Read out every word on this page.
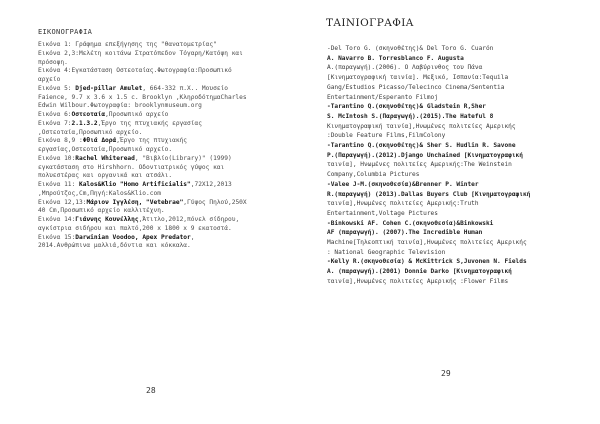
ΕΙΚΟΝΟΓΡΑΦΙΑ
Εικόνα 1: Γράφημα επεξήγησης της "θανατομετρίας"
Εικόνα 2,3:Μελέτη κοιτάνω Στρατόπεδον Τόγαρη/Κατόψη και
πρόσοψη.
Εικόνα 4:Εγκατάσταση Οστεοταίας.Φωτογραφία:Προσωπικό
αρχείο
Εικόνα 5: Djed-pillar Amulet, 664-332 π.Χ.. Μουσείο
Faience, 9.7 x 3.6 x 1.5 c. Brooklyn ,ΚληροδότημαCharles
Edwin Wilbour.Φωτογραφία: brooklynmuseum.org
Εικόνα 6:Οστεοταία,Προσωπικό αρχείο
Εικόνα 7:2.1.3.2,Έργο της πτυχιακής εργασίας
,Οστεοταία,Προσωπικό αρχείο.
Εικόνα 8,9 :Φθιά Δορά,Έργο της πτυχιακής
εργασίας,Οστεοταία,Προσωπικό αρχείο.
Εικόνα 10:Rachel Whiteread, "Βιβλίο(Library)" (1999)
εγκατάσταση στο Hirshhorn. Οδοντιατρικός γύψος και
πολυεστέρας και οργανικά και ατσάλι.
Εικόνα 11: Kalos&Klio "Homo Artificialis",72Χ12,2013
,Μπρούτζος,Cm,Πηγή:Kalos&Klio.com
Εικόνα 12,13:Μάριον Ιγγλέση, "Vetebrae",Γύψος Πηλού,250Χ
40 Cm,Προσωπικό αρχείο καλλιτέχνη.
Εικόνα 14:Γιάννης Κουνέλλης,Άτιτλο,2012,πόνελ σίδηρου,
αγκίστρια σιδήρου και παλτό,200 x 1800 x 9 εκατοστά.
Εικόνα 15:Darwinian Voodoo, Apex Predator,
2014.Ανθρώπινα μαλλιά,δόντια και κόκκαλα.
28
ΤΑΙΝΙΟΓΡΑΦΙΑ
-Del Toro G. (σκηνοθέτης)& Del Toro G. Cuarón
A. Navarro B. Torresblanco F. Augusta
A.(παραγωγή).(2006). Ο Λαβύρινθος του Πάνα
[Κινηματογραφική ταινία]. Μεξικό, Ισπανία:Tequila
Gang/Estudios Picasso/Telecinco Cinema/Sententia
Entertainment/Esperanto Filmoj
-Tarantino Q.(σκηνοθέτης)& Gladstein R,Sher
S. McIntosh S.(Παραγωγή).(2015).The Hateful 8
Κινηματογραφική ταινία],Ηνωμένες πολιτείες Αμερικής
:Double Feature Films,FilmColony
-Tarantino Q.(σκηνοθέτης)& Sher S. Hudlin R. Savone
P.(Παραγωγή).(2012).Django Unchained [Κινηματογραφική
ταινία], Ηνωμένες πολιτείες Αμερικής:The Weinstein
Company,Columbia Pictures
-Valee J-M.(σκηνοθεσία)&Brenner P. Winter
R.(παραγωγή) (2013).Dallas Buyers Club [Κινηματογραφική
ταινία],Ηνωμένες πολιτείες Αμερικής:Truth
Entertainment,Voltage Pictures
-Binkowski AF. Cohen C.(σκηνοθεσία)&Binkowski
AF (παραγωγή). (2007).The Incredible Human
Machine[Τηλεοπτική ταινία],Ηνωμένες πολιτείες Αμερικής
: National Geographic Television
-Kelly R.(σκηνοθεσία) & McKittrick S,Juvonen N. Fields
A. (παραγωγή).(2001) Donnie Darko [Κινηματογραφική
ταινία],Ηνωμένες πολιτείες Αμερικής :Flower Films
29
